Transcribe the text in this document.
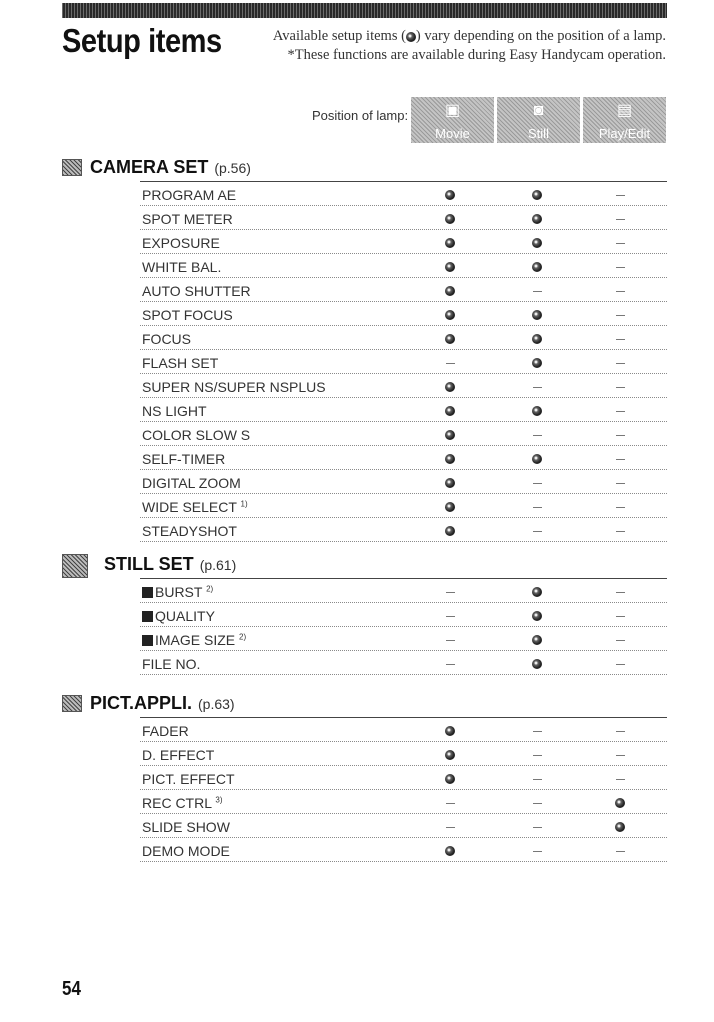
Setup items	Available setup items ( ) vary depending on the position of a lamp.
*These functions are available during Easy Handycam operation.
Position of lamp:	▣
Movie
◙
Still
▤
Play/Edit
CAMERA SET (p.56)
PROGRAM AE
SPOT METER
EXPOSURE
WHITE BAL.
AUTO SHUTTER
SPOT FOCUS
FOCUS
FLASH SET
SUPER NS/SUPER NSPLUS
NS LIGHT
COLOR SLOW S
SELF-TIMER
DIGITAL ZOOM
WIDE SELECT $^{1)}$
STEADYSHOT
STILL SET (p.61)
BURST $^{2)}$
QUALITY
IMAGE SIZE $^{2)}$
FILE NO.
PICT.APPLI. (p.63)
FADER
D. EFFECT
PICT. EFFECT
REC CTRL $^{3)}$
SLIDE SHOW
DEMO MODE
54
